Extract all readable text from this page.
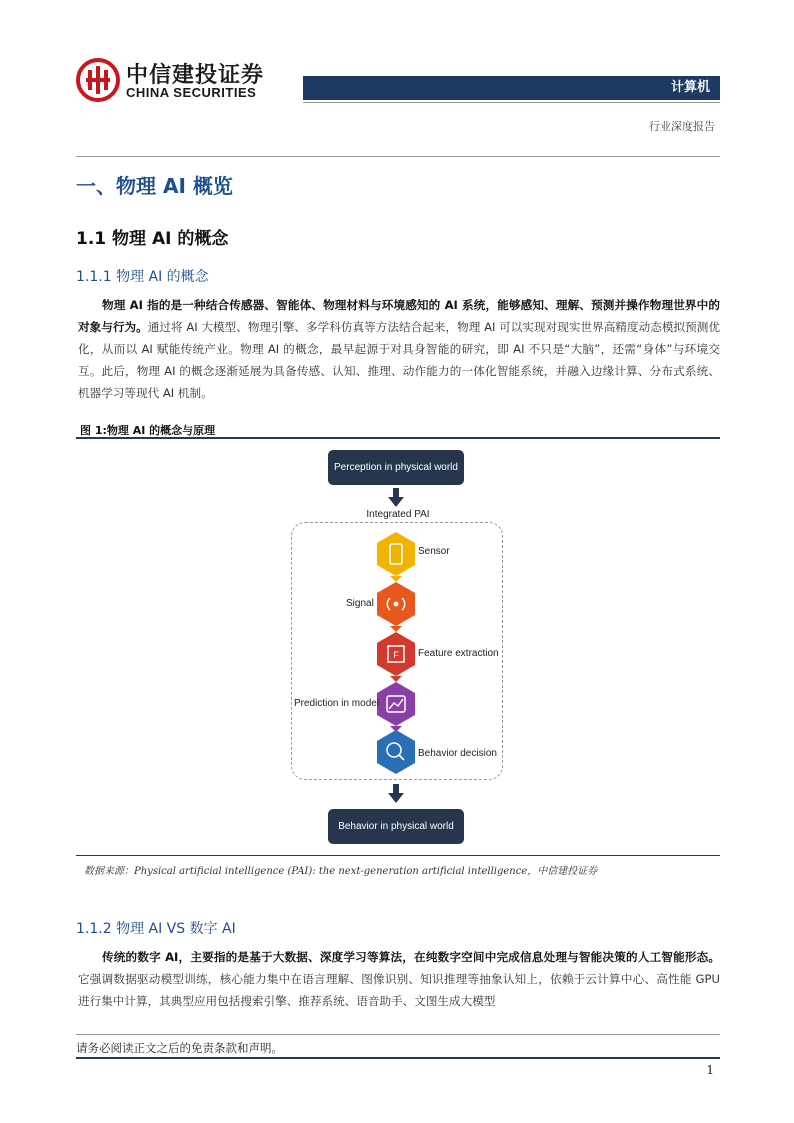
中信建投证券
CHINA SECURITIES	计算机
行业深度报告
一、物理 AI 概览
1.1 物理 AI 的概念
1.1.1 物理 AI 的概念
物理 AI 指的是一种结合传感器、智能体、物理材料与环境感知的 AI 系统，能够感知、理解、预测并操作物理世界中的对象与行为。通过将 AI 大模型、物理引擎、多学科仿真等方法结合起来，物理 AI 可以实现对现实世界高精度动态模拟预测优化，从而以 AI 赋能传统产业。物理 AI 的概念，最早起源于对具身智能的研究，即 AI 不只是“大脑”，还需“身体”与环境交互。此后，物理 AI 的概念逐渐延展为具备传感、认知、推理、动作能力的一体化智能系统，并融入边缘计算、分布式系统、机器学习等现代 AI 机制。
图 1:物理 AI 的概念与原理
Perception in physical world
Integrated PAI
F
Sensor
Signal
Feature extraction
Prediction in model
Behavior decision
Behavior in physical world
数据来源：Physical artificial intelligence (PAI): the next-generation artificial intelligence，中信建投证券
1.1.2 物理 AI VS 数字 AI
传统的数字 AI，主要指的是基于大数据、深度学习等算法，在纯数字空间中完成信息处理与智能决策的人工智能形态。它强调数据驱动模型训练，核心能力集中在语言理解、图像识别、知识推理等抽象认知上，依赖于云计算中心、高性能 GPU 进行集中计算，其典型应用包括搜索引擎、推荐系统、语音助手、文图生成大模型
请务必阅读正文之后的免责条款和声明。
1
